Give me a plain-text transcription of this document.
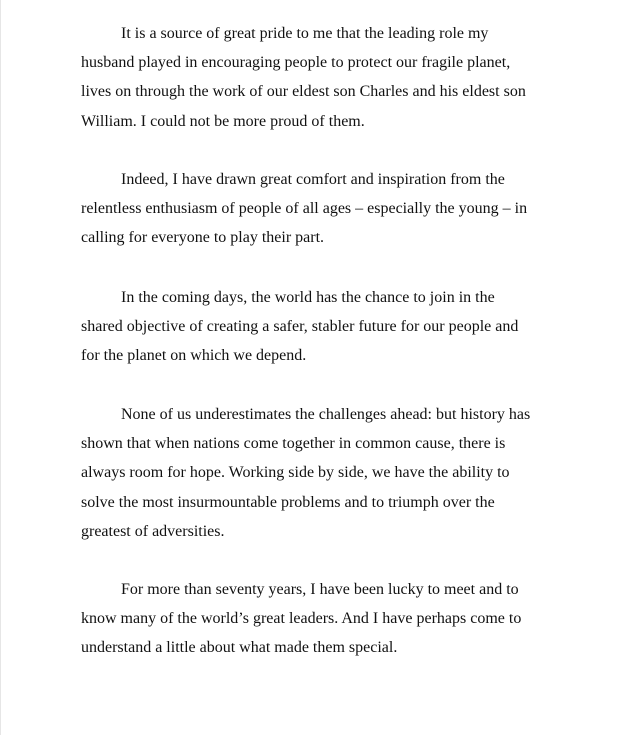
It is a source of great pride to me that the leading role my
husband played in encouraging people to protect our fragile planet,
lives on through the work of our eldest son Charles and his eldest son
William. I could not be more proud of them.
Indeed, I have drawn great comfort and inspiration from the
relentless enthusiasm of people of all ages – especially the young – in
calling for everyone to play their part.
In the coming days, the world has the chance to join in the
shared objective of creating a safer, stabler future for our people and
for the planet on which we depend.
None of us underestimates the challenges ahead: but history has
shown that when nations come together in common cause, there is
always room for hope. Working side by side, we have the ability to
solve the most insurmountable problems and to triumph over the
greatest of adversities.
For more than seventy years, I have been lucky to meet and to
know many of the world’s great leaders. And I have perhaps come to
understand a little about what made them special.
